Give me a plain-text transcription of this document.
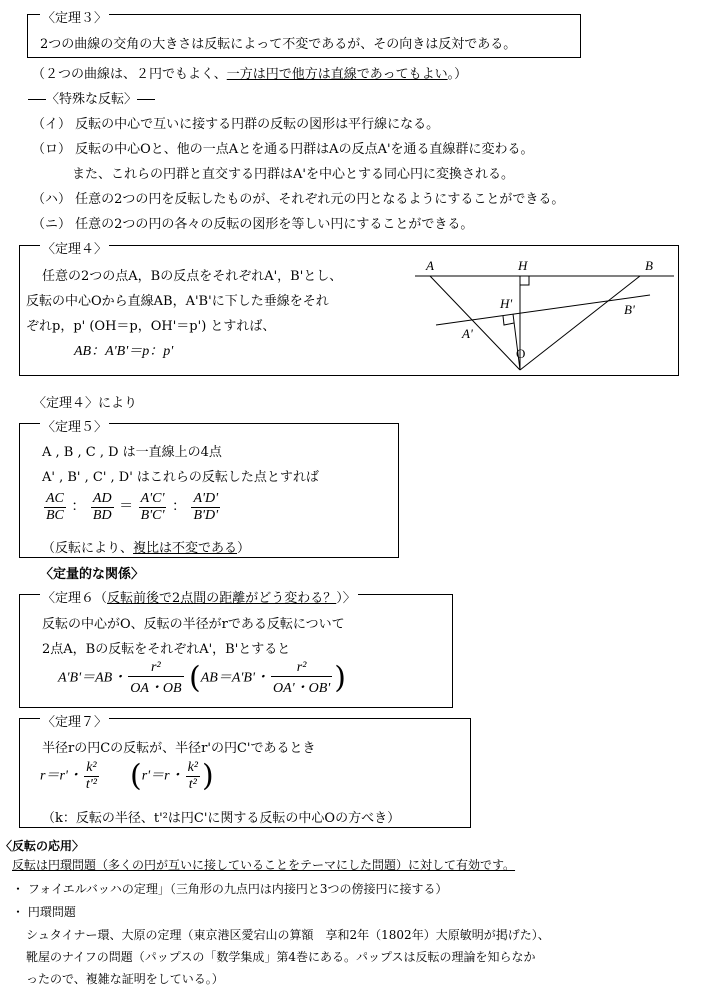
〈定理３〉
2つの曲線の交角の大きさは反転によって不変であるが、その向きは反対である。
（２つの曲線は、２円でもよく、一方は円で他方は直線であってもよい。）
〈特殊な反転〉
（イ） 反転の中心で互いに接する円群の反転の図形は平行線になる。
（ロ） 反転の中心Oと、他の一点Aとを通る円群はAの反点A'を通る直線群に変わる。
また、これらの円群と直交する円群はA'を中心とする同心円に変換される。
（ハ） 任意の2つの円を反転したものが、それぞれ元の円となるようにすることができる。
（ニ） 任意の2つの円の各々の反転の図形を等しい円にすることができる。
〈定理４〉
任意の2つの点A，Bの反点をそれぞれA'，B'とし、
反転の中心Oから直線AB，A'B'に下した垂線をそれ
ぞれp，p' (OH＝p，OH'＝p') とすれば、
AB：A'B'＝p：p'
A	H	B
H'	B'
A'
O
〈定理４〉により
〈定理５〉
A , B , C , D は一直線上の4点
A' , B' , C' , D' はこれらの反転した点とすれば
$\frac{AC}{BC}$ ： $\frac{AD}{BD} = \frac{A'C'}{B'C'}$ ： $\frac{A'D'}{B'D'}$
（反転により、複比は不変である）
〈定量的な関係〉
〈定理６（反転前後で2点間の距離がどう変わる？）〉
反転の中心がO、反転の半径がrである反転について
2点A，Bの反転をそれぞれA'，B'とすると
A'B'＝AB・ $\frac{\text{r²}}{OA・OB} (AB=A'B'$・ $\frac{\text{r²}}{OA'・OB'}$ )
〈定理７〉
半径rの円Cの反転が、半径r'の円C'であるとき
r＝r'・ $\frac{\text{k²}}{\text{t'²}} (r'=r$・ $\frac{\text{k²}}{\text{t²}}$ )
（k：反転の半径、t'²は円C'に関する反転の中心Oの方べき）
〈反転の応用〉
反転は円環問題（多くの円が互いに接していることをテーマにした問題）に対して有効です。
・ フォイエルバッハの定理」（三角形の九点円は内接円と3つの傍接円に接する）
・ 円環問題
シュタイナー環、大原の定理（東京港区愛宕山の算額　享和2年（1802年）大原敏明が掲げた）、
靴屋のナイフの問題（パップスの「数学集成」第4巻にある。パップスは反転の理論を知らなか
ったので、複雑な証明をしている。）
